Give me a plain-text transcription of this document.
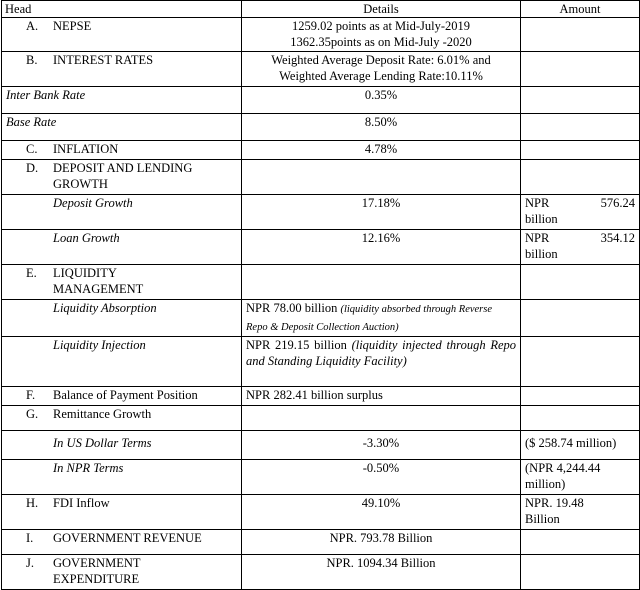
Head	Details	Amount

A. NEPSE	1259.02 points as at Mid-July-2019
1362.35points as on Mid-July -2020	

B. INTEREST RATES	Weighted Average Deposit Rate: 6.01% and
Weighted Average Lending Rate:10.11%	

Inter Bank Rate	0.35%	

Base Rate	8.50%	

C. INFLATION	4.78%	

D. DEPOSIT AND LENDING
GROWTH		

Deposit Growth	17.18%	NPR 576.24
billion

Loan Growth	12.16%	NPR 354.12
billion

E. LIQUIDITY
MANAGEMENT		

Liquidity Absorption	NPR 78.00 billion (liquidity absorbed through Reverse Repo & Deposit Collection Auction)	

Liquidity Injection	NPR 219.15 billion (liquidity injected through Repo and Standing Liquidity Facility)	

F. Balance of Payment Position	NPR 282.41 billion surplus	

G. Remittance Growth		

In US Dollar Terms	-3.30%	($ 258.74 million)

In NPR Terms	-0.50%	(NPR 4,244.44
million)

H. FDI Inflow	49.10%	NPR. 19.48
Billion

I. GOVERNMENT REVENUE	NPR. 793.78 Billion	

J. GOVERNMENT
EXPENDITURE	NPR. 1094.34 Billion	
